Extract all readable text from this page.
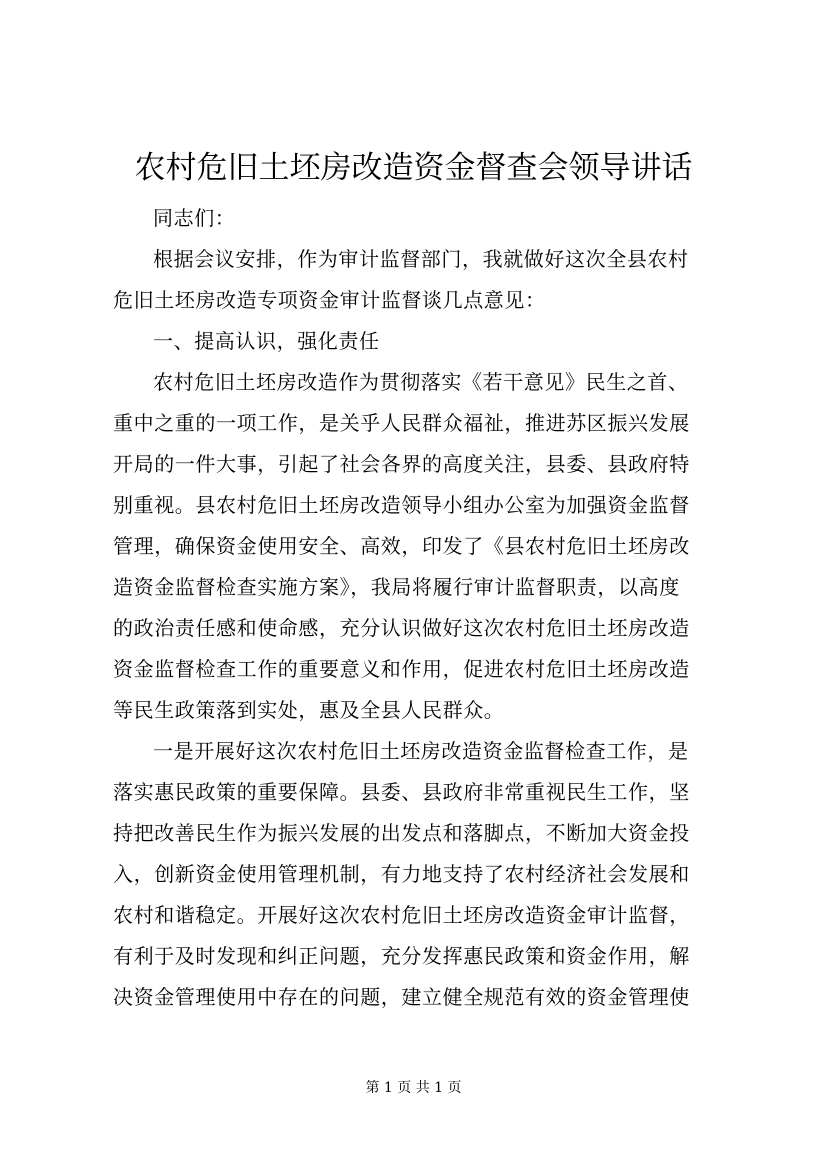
农村危旧土坯房改造资金督查会领导讲话
同志们：
根据会议安排，作为审计监督部门，我就做好这次全县农村
危旧土坯房改造专项资金审计监督谈几点意见：
一、提高认识，强化责任
农村危旧土坯房改造作为贯彻落实《若干意见》民生之首、
重中之重的一项工作，是关乎人民群众福祉，推进苏区振兴发展
开局的一件大事，引起了社会各界的高度关注，县委、县政府特
别重视。县农村危旧土坯房改造领导小组办公室为加强资金监督
管理，确保资金使用安全、高效，印发了《县农村危旧土坯房改
造资金监督检查实施方案》，我局将履行审计监督职责，以高度
的政治责任感和使命感，充分认识做好这次农村危旧土坯房改造
资金监督检查工作的重要意义和作用，促进农村危旧土坯房改造
等民生政策落到实处，惠及全县人民群众。
一是开展好这次农村危旧土坯房改造资金监督检查工作，是
落实惠民政策的重要保障。县委、县政府非常重视民生工作，坚
持把改善民生作为振兴发展的出发点和落脚点，不断加大资金投
入，创新资金使用管理机制，有力地支持了农村经济社会发展和
农村和谐稳定。开展好这次农村危旧土坯房改造资金审计监督，
有利于及时发现和纠正问题，充分发挥惠民政策和资金作用，解
决资金管理使用中存在的问题，建立健全规范有效的资金管理使
第 1 页 共 1 页
